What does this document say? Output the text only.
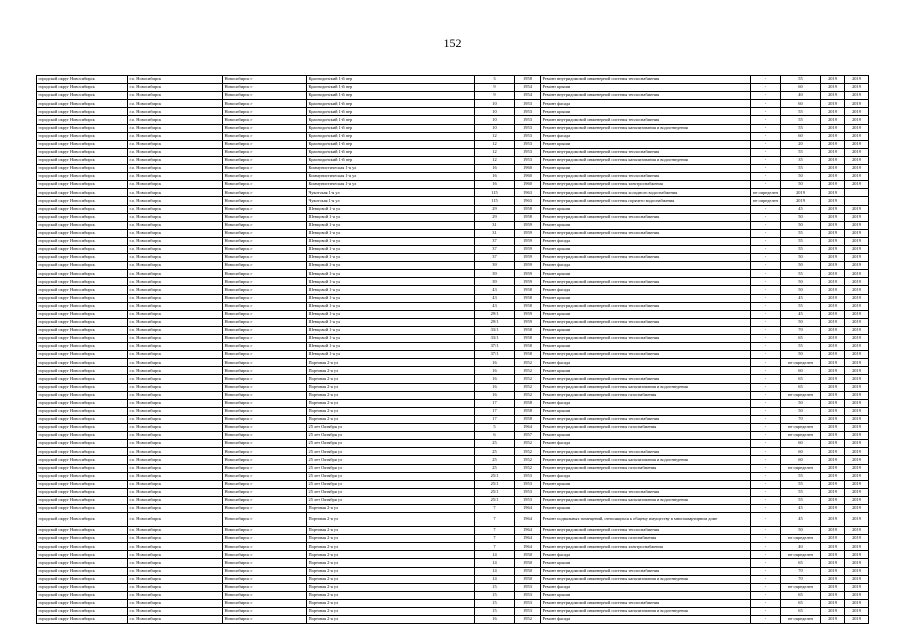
152
городской округ Новосибирск	г.о. Новосибирск	Новосибирск г	Краснодонский 1-й пер	3	1958	Ремонт внутридомовой инженерной системы теплоснабжения	-	55	2019	2019
городской округ Новосибирск	г.о. Новосибирск	Новосибирск г	Краснодонский 1-й пер	9	1954	Ремонт крыши	-	60	2019	2019
городской округ Новосибирск	г.о. Новосибирск	Новосибирск г	Краснодонский 1-й пер	9	1954	Ремонт внутридомовой инженерной системы теплоснабжения	-	40	2019	2019
городской округ Новосибирск	г.о. Новосибирск	Новосибирск г	Краснодонский 1-й пер	10	1953	Ремонт фасада	-	60	2019	2019
городской округ Новосибирск	г.о. Новосибирск	Новосибирск г	Краснодонский 1-й пер	10	1953	Ремонт крыши	-	55	2019	2019
городской округ Новосибирск	г.о. Новосибирск	Новосибирск г	Краснодонский 1-й пер	10	1953	Ремонт внутридомовой инженерной системы теплоснабжения	-	55	2019	2019
городской округ Новосибирск	г.о. Новосибирск	Новосибирск г	Краснодонский 1-й пер	10	1953	Ремонт внутридомовой инженерной системы канализования и водоотведения	-	55	2019	2019
городской округ Новосибирск	г.о. Новосибирск	Новосибирск г	Краснодонский 1-й пер	12	1953	Ремонт фасада	-	60	2019	2019
городской округ Новосибирск	г.о. Новосибирск	Новосибирск г	Краснодонский 1-й пер	12	1953	Ремонт крыши	-	20	2019	2019
городской округ Новосибирск	г.о. Новосибирск	Новосибирск г	Краснодонский 1-й пер	12	1953	Ремонт внутридомовой инженерной системы теплоснабжения	-	55	2019	2019
городской округ Новосибирск	г.о. Новосибирск	Новосибирск г	Краснодонский 1-й пер	12	1953	Ремонт внутридомовой инженерной системы канализования и водоотведения	-	35	2019	2019
городской округ Новосибирск	г.о. Новосибирск	Новосибирск г	Коммунистическая 1-я ул	16	1960	Ремонт крыши	-	55	2019	2019
городской округ Новосибирск	г.о. Новосибирск	Новосибирск г	Коммунистическая 1-я ул	16	1960	Ремонт внутридомовой инженерной системы теплоснабжения	-	50	2019	2019
городской округ Новосибирск	г.о. Новосибирск	Новосибирск г	Коммунистическая 1-я ул	16	1960	Ремонт внутридомовой инженерной системы электроснабжения	-	50	2019	2019
городской округ Новосибирск	г.о. Новосибирск	Новосибирск г	Чукотская 1-я ул	115	1963	Ремонт внутридомовой инженерной системы холодного водоснабжения	не определен	2019	2019	
городской округ Новосибирск	г.о. Новосибирск	Новосибирск г	Чукотская 1-я ул	115	1963	Ремонт внутридомовой инженерной системы горячего водоснабжения	не определен	2019	2019	
городской округ Новосибирск	г.о. Новосибирск	Новосибирск г	Шевцовой 1-я ул	29	1958	Ремонт крыши	-	45	2019	2019
городской округ Новосибирск	г.о. Новосибирск	Новосибирск г	Шевцовой 1-я ул	29	1958	Ремонт внутридомовой инженерной системы теплоснабжения	-	50	2019	2019
городской округ Новосибирск	г.о. Новосибирск	Новосибирск г	Шевцовой 1-я ул	31	1959	Ремонт крыши	-	50	2019	2019
городской округ Новосибирск	г.о. Новосибирск	Новосибирск г	Шевцовой 1-я ул	31	1959	Ремонт внутридомовой инженерной системы теплоснабжения	-	55	2019	2019
городской округ Новосибирск	г.о. Новосибирск	Новосибирск г	Шевцовой 1-я ул	37	1959	Ремонт фасада	-	55	2019	2019
городской округ Новосибирск	г.о. Новосибирск	Новосибирск г	Шевцовой 1-я ул	37	1959	Ремонт крыши	-	55	2019	2019
городской округ Новосибирск	г.о. Новосибирск	Новосибирск г	Шевцовой 1-я ул	37	1959	Ремонт внутридомовой инженерной системы теплоснабжения	-	50	2019	2019
городской округ Новосибирск	г.о. Новосибирск	Новосибирск г	Шевцовой 1-я ул	39	1959	Ремонт фасада	-	50	2019	2019
городской округ Новосибирск	г.о. Новосибирск	Новосибирск г	Шевцовой 1-я ул	39	1959	Ремонт крыши	-	55	2019	2019
городской округ Новосибирск	г.о. Новосибирск	Новосибирск г	Шевцовой 1-я ул	39	1959	Ремонт внутридомовой инженерной системы теплоснабжения	-	50	2019	2019
городской округ Новосибирск	г.о. Новосибирск	Новосибирск г	Шевцовой 1-я ул	43	1958	Ремонт фасада	-	50	2019	2019
городской округ Новосибирск	г.о. Новосибирск	Новосибирск г	Шевцовой 1-я ул	43	1958	Ремонт крыши	-	45	2019	2019
городской округ Новосибирск	г.о. Новосибирск	Новосибирск г	Шевцовой 1-я ул	43	1958	Ремонт внутридомовой инженерной системы теплоснабжения	-	55	2019	2019
городской округ Новосибирск	г.о. Новосибирск	Новосибирск г	Шевцовой 1-я ул	29/1	1959	Ремонт крыши	-	45	2019	2019
городской округ Новосибирск	г.о. Новосибирск	Новосибирск г	Шевцовой 1-я ул	29/1	1959	Ремонт внутридомовой инженерной системы теплоснабжения	-	50	2019	2019
городской округ Новосибирск	г.о. Новосибирск	Новосибирск г	Шевцовой 1-я ул	33/1	1958	Ремонт крыши	-	70	2019	2019
городской округ Новосибирск	г.о. Новосибирск	Новосибирск г	Шевцовой 1-я ул	33/1	1958	Ремонт внутридомовой инженерной системы теплоснабжения	-	65	2019	2019
городской округ Новосибирск	г.о. Новосибирск	Новосибирск г	Шевцовой 1-я ул	37/1	1958	Ремонт крыши	-	55	2019	2019
городской округ Новосибирск	г.о. Новосибирск	Новосибирск г	Шевцовой 1-я ул	37/1	1958	Ремонт внутридомовой инженерной системы теплоснабжения	-	50	2019	2019
городской округ Новосибирск	г.о. Новосибирск	Новосибирск г	Портовая 2-я ул	16	1952	Ремонт фасада	-	не определен	2019	2019
городской округ Новосибирск	г.о. Новосибирск	Новосибирск г	Портовая 2-я ул	16	1952	Ремонт крыши	-	60	2019	2019
городской округ Новосибирск	г.о. Новосибирск	Новосибирск г	Портовая 2-я ул	16	1952	Ремонт внутридомовой инженерной системы теплоснабжения	-	65	2019	2019
городской округ Новосибирск	г.о. Новосибирск	Новосибирск г	Портовая 2-я ул	16	1952	Ремонт внутридомовой инженерной системы канализования и водоотведения	-	65	2019	2019
городской округ Новосибирск	г.о. Новосибирск	Новосибирск г	Портовая 2-я ул	16	1952	Ремонт внутридомовой инженерной системы газоснабжения	-	не определен	2019	2019
городской округ Новосибирск	г.о. Новосибирск	Новосибирск г	Портовая 2-я ул	17	1958	Ремонт фасада	-	50	2019	2019
городской округ Новосибирск	г.о. Новосибирск	Новосибирск г	Портовая 2-я ул	17	1958	Ремонт крыши	-	50	2019	2019
городской округ Новосибирск	г.о. Новосибирск	Новосибирск г	Портовая 2-я ул	17	1958	Ремонт внутридомовой инженерной системы теплоснабжения	-	70	2019	2019
городской округ Новосибирск	г.о. Новосибирск	Новосибирск г	25 лет Октября ул	5	1964	Ремонт внутридомовой инженерной системы газоснабжения	-	не определен	2019	2019
городской округ Новосибирск	г.о. Новосибирск	Новосибирск г	25 лет Октября ул	6	1957	Ремонт крыши	-	не определен	2019	2019
городской округ Новосибирск	г.о. Новосибирск	Новосибирск г	25 лет Октября ул	25	1952	Ремонт фасада	-	60	2019	2019
городской округ Новосибирск	г.о. Новосибирск	Новосибирск г	25 лет Октября ул	25	1952	Ремонт внутридомовой инженерной системы теплоснабжения	-	60	2019	2019
городской округ Новосибирск	г.о. Новосибирск	Новосибирск г	25 лет Октября ул	25	1952	Ремонт внутридомовой инженерной системы канализования и водоотведения	-	60	2019	2019
городской округ Новосибирск	г.о. Новосибирск	Новосибирск г	25 лет Октября ул	25	1952	Ремонт внутридомовой инженерной системы газоснабжения	-	не определен	2019	2019
городской округ Новосибирск	г.о. Новосибирск	Новосибирск г	25 лет Октября ул	25/1	1953	Ремонт фасада	-	55	2019	2019
городской округ Новосибирск	г.о. Новосибирск	Новосибирск г	25 лет Октября ул	25/1	1953	Ремонт крыши	-	55	2019	2019
городской округ Новосибирск	г.о. Новосибирск	Новосибирск г	25 лет Октября ул	25/1	1953	Ремонт внутридомовой инженерной системы теплоснабжения	-	55	2019	2019
городской округ Новосибирск	г.о. Новосибирск	Новосибирск г	25 лет Октября ул	25/1	1953	Ремонт внутридомовой инженерной системы канализования и водоотведения	-	55	2019	2019
городской округ Новосибирск	г.о. Новосибирск	Новосибирск г	Портовая 2-я ул	7	1964	Ремонт крыши	-	45	2019	2019
городской округ Новосибирск	г.о. Новосибирск	Новосибирск г	Портовая 2-я ул	7	1964	Ремонт подвальных помещений, относящихся к общему имуществу в многоквартирном доме	-	45	2019	2019
городской округ Новосибирск	г.о. Новосибирск	Новосибирск г	Портовая 2-я ул	7	1964	Ремонт внутридомовой инженерной системы теплоснабжения	-	50	2019	2019
городской округ Новосибирск	г.о. Новосибирск	Новосибирск г	Портовая 2-я ул	7	1964	Ремонт внутридомовой инженерной системы газоснабжения	-	не определен	2019	2019
городской округ Новосибирск	г.о. Новосибирск	Новосибирск г	Портовая 2-я ул	7	1964	Ремонт внутридомовой инженерной системы электроснабжения	-	40	2019	2019
городской округ Новосибирск	г.о. Новосибирск	Новосибирск г	Портовая 2-я ул	14	1950	Ремонт фасада	-	не определен	2019	2019
городской округ Новосибирск	г.о. Новосибирск	Новосибирск г	Портовая 2-я ул	14	1950	Ремонт крыши	-	65	2019	2019
городской округ Новосибирск	г.о. Новосибирск	Новосибирск г	Портовая 2-я ул	14	1950	Ремонт внутридомовой инженерной системы теплоснабжения	-	70	2019	2019
городской округ Новосибирск	г.о. Новосибирск	Новосибирск г	Портовая 2-я ул	14	1950	Ремонт внутридомовой инженерной системы канализования и водоотведения	-	70	2019	2019
городской округ Новосибирск	г.о. Новосибирск	Новосибирск г	Портовая 2-я ул	15	1953	Ремонт фасада	-	не определен	2019	2019
городской округ Новосибирск	г.о. Новосибирск	Новосибирск г	Портовая 2-я ул	15	1953	Ремонт крыши	-	65	2019	2019
городской округ Новосибирск	г.о. Новосибирск	Новосибирск г	Портовая 2-я ул	15	1953	Ремонт внутридомовой инженерной системы теплоснабжения	-	65	2019	2019
городской округ Новосибирск	г.о. Новосибирск	Новосибирск г	Портовая 2-я ул	15	1953	Ремонт внутридомовой инженерной системы канализования и водоотведения	-	65	2019	2019
городской округ Новосибирск	г.о. Новосибирск	Новосибирск г	Портовая 2-я ул	16	1952	Ремонт фасада	-	не определен	2019	2019
